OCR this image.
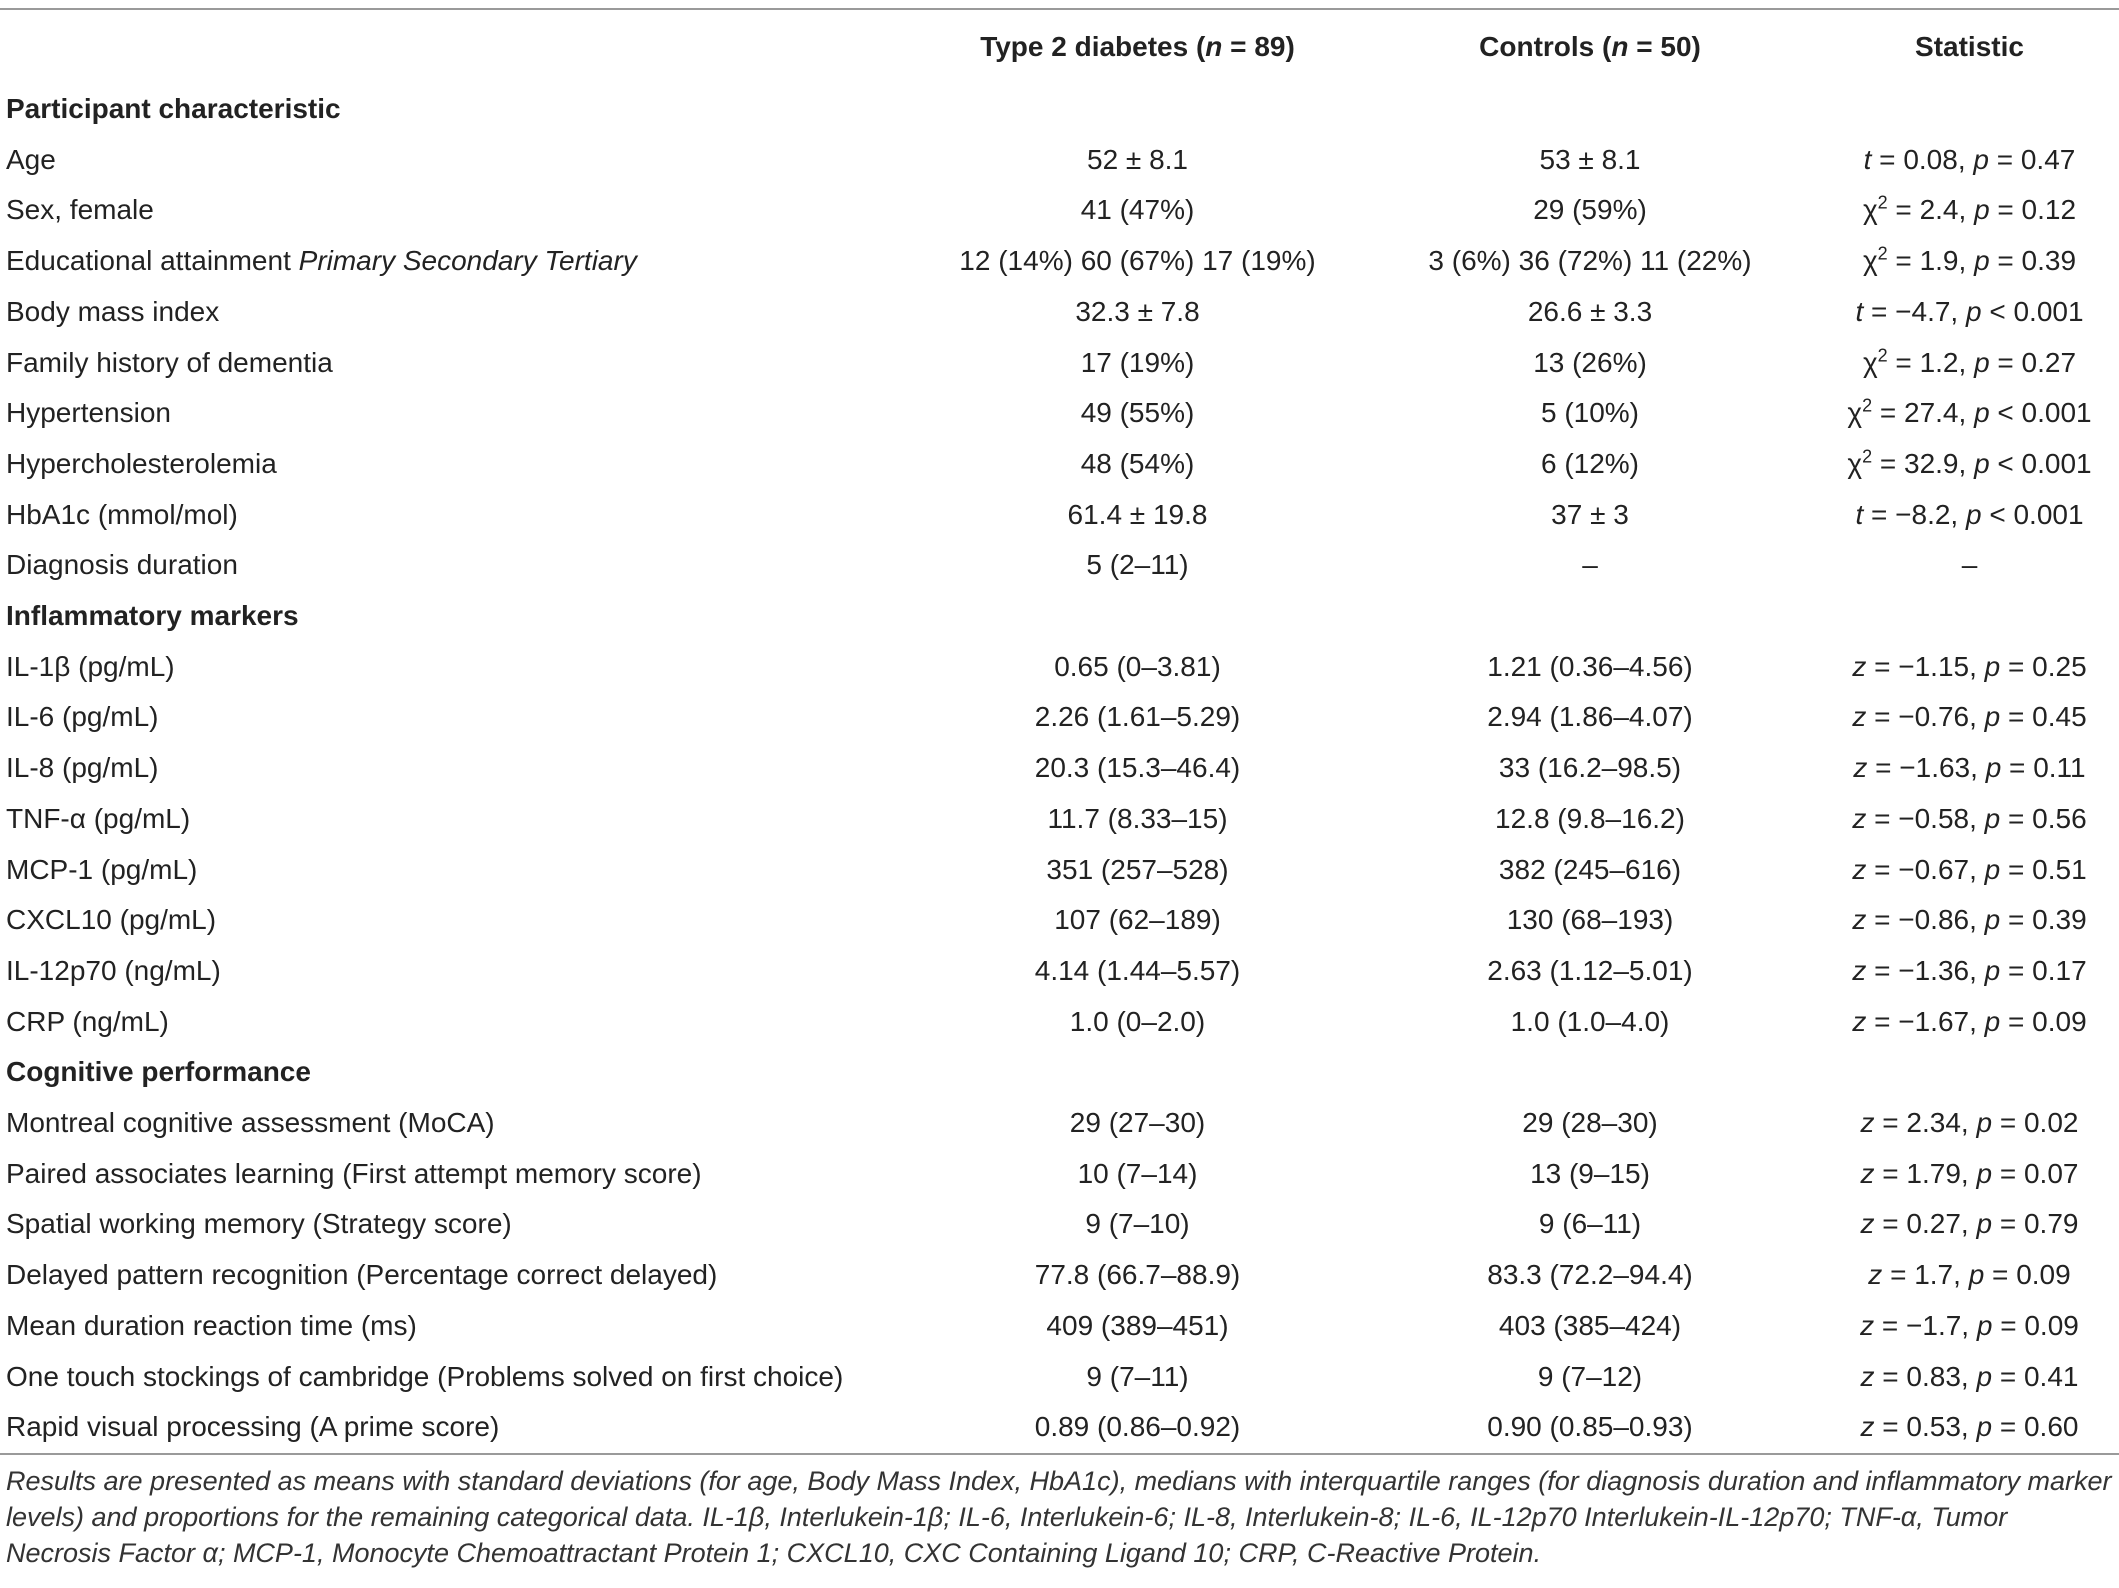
	Type 2 diabetes (n = 89)	Controls (n = 50)	Statistic
Participant characteristic			
Age	52 ± 8.1	53 ± 8.1	t = 0.08, p = 0.47
Sex, female	41 (47%)	29 (59%)	$\chi^2 = 2.4$, p = 0.12
Educational attainment Primary Secondary Tertiary	12 (14%) 60 (67%) 17 (19%)	3 (6%) 36 (72%) 11 (22%)	$\chi^2 = 1.9$, p = 0.39
Body mass index	32.3 ± 7.8	26.6 ± 3.3	t = −4.7, p < 0.001
Family history of dementia	17 (19%)	13 (26%)	$\chi^2 = 1.2$, p = 0.27
Hypertension	49 (55%)	5 (10%)	$\chi^2 = 27.4$, p < 0.001
Hypercholesterolemia	48 (54%)	6 (12%)	$\chi^2 = 32.9$, p < 0.001
HbA1c (mmol/mol)	61.4 ± 19.8	37 ± 3	t = −8.2, p < 0.001
Diagnosis duration	5 (2–11)	–	–
Inflammatory markers			
IL-1β (pg/mL)	0.65 (0–3.81)	1.21 (0.36–4.56)	z = −1.15, p = 0.25
IL-6 (pg/mL)	2.26 (1.61–5.29)	2.94 (1.86–4.07)	z = −0.76, p = 0.45
IL-8 (pg/mL)	20.3 (15.3–46.4)	33 (16.2–98.5)	z = −1.63, p = 0.11
TNF-α (pg/mL)	11.7 (8.33–15)	12.8 (9.8–16.2)	z = −0.58, p = 0.56
MCP-1 (pg/mL)	351 (257–528)	382 (245–616)	z = −0.67, p = 0.51
CXCL10 (pg/mL)	107 (62–189)	130 (68–193)	z = −0.86, p = 0.39
IL-12p70 (ng/mL)	4.14 (1.44–5.57)	2.63 (1.12–5.01)	z = −1.36, p = 0.17
CRP (ng/mL)	1.0 (0–2.0)	1.0 (1.0–4.0)	z = −1.67, p = 0.09
Cognitive performance			
Montreal cognitive assessment (MoCA)	29 (27–30)	29 (28–30)	z = 2.34, p = 0.02
Paired associates learning (First attempt memory score)	10 (7–14)	13 (9–15)	z = 1.79, p = 0.07
Spatial working memory (Strategy score)	9 (7–10)	9 (6–11)	z = 0.27, p = 0.79
Delayed pattern recognition (Percentage correct delayed)	77.8 (66.7–88.9)	83.3 (72.2–94.4)	z = 1.7, p = 0.09
Mean duration reaction time (ms)	409 (389–451)	403 (385–424)	z = −1.7, p = 0.09
One touch stockings of cambridge (Problems solved on first choice)	9 (7–11)	9 (7–12)	z = 0.83, p = 0.41
Rapid visual processing (A prime score)	0.89 (0.86–0.92)	0.90 (0.85–0.93)	z = 0.53, p = 0.60
Results are presented as means with standard deviations (for age, Body Mass Index, HbA1c), medians with interquartile ranges (for diagnosis duration and inflammatory marker levels) and proportions for the remaining categorical data. IL-1β, Interlukein-1β; IL-6, Interlukein-6; IL-8, Interlukein-8; IL-6, IL-12p70 Interlukein-IL-12p70; TNF-α, Tumor Necrosis Factor α; MCP-1, Monocyte Chemoattractant Protein 1; CXCL10, CXC Containing Ligand 10; CRP, C-Reactive Protein.
